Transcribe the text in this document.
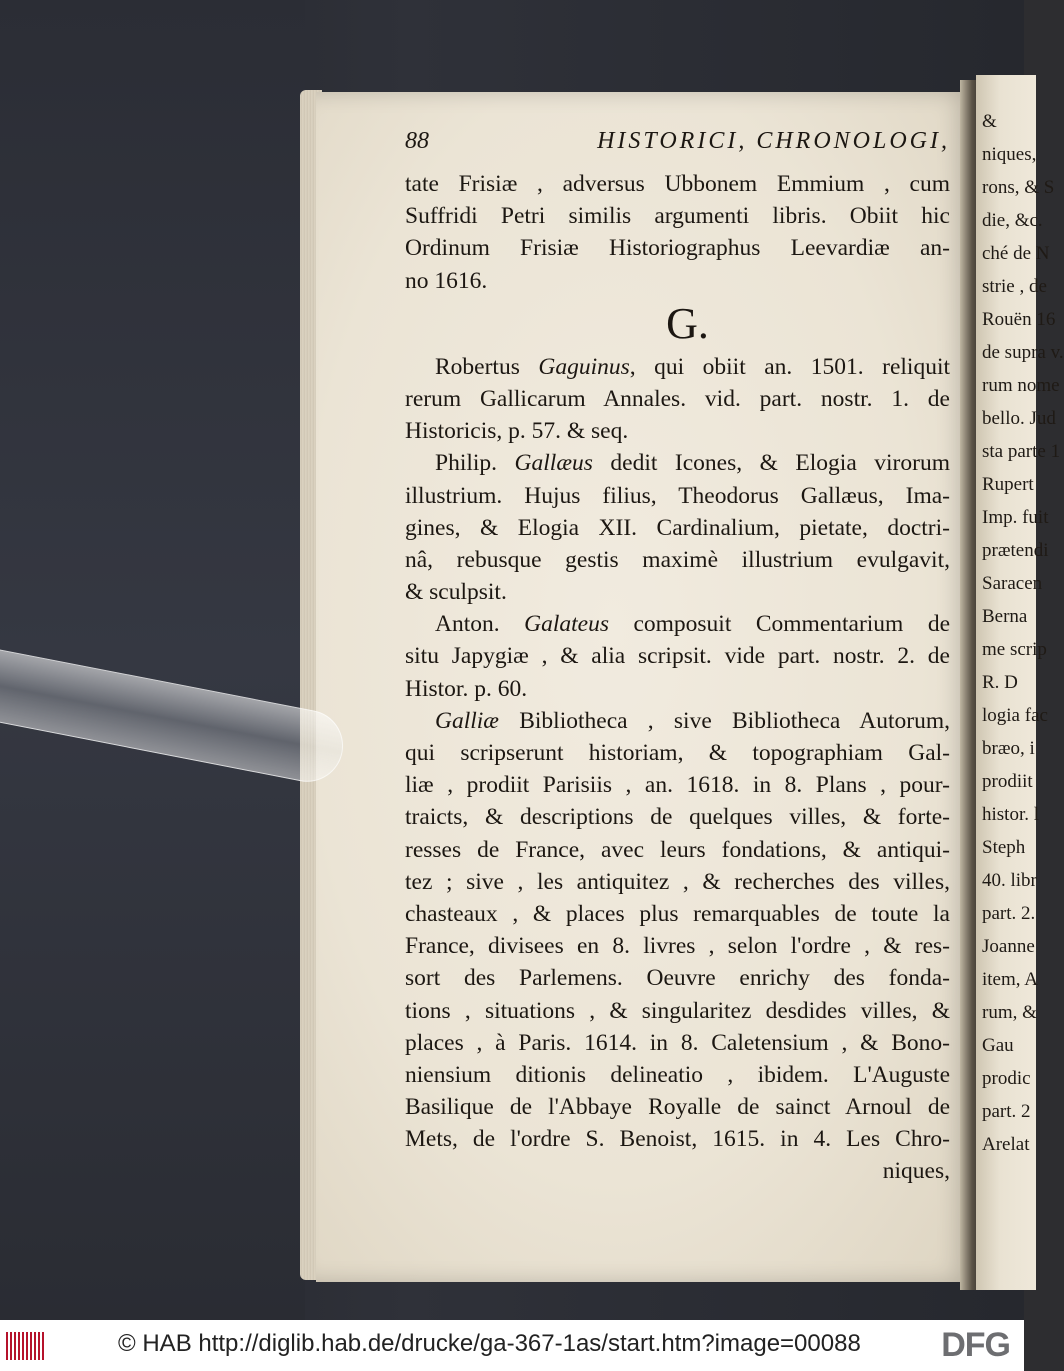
&
niques,
rons, & S
die, &c.
ché de N
strie , de
Rouën 16
de supra v.
rum nome
bello. Jud
sta parte 1
Rupert
Imp. fuit
prætendi
Saracen
Berna
me scrip
R. D
logia fac
bræo, i
prodiit
histor. l
Steph
40. libr
part. 2.
Joanne
item, A
rum, &
Gau
prodic
part. 2
Arelat
88	HISTORICI, CHRONOLOGI,
tate Frisiæ , adversus Ubbonem Emmium , cum
Suffridi Petri similis argumenti libris. Obiit hic
Ordinum Frisiæ Historiographus Leevardiæ an-
no 1616.
G.
Robertus Gaguinus, qui obiit an. 1501. reliquit
rerum Gallicarum Annales. vid. part. nostr. 1. de
Historicis, p. 57. & seq.
Philip. Gallæus dedit Icones, & Elogia virorum
illustrium. Hujus filius, Theodorus Gallæus, Ima-
gines, & Elogia XII. Cardinalium, pietate, doctri-
nâ, rebusque gestis maximè illustrium evulgavit,
& sculpsit.
Anton. Galateus composuit Commentarium de
situ Japygiæ , & alia scripsit. vide part. nostr. 2. de
Histor. p. 60.
Galliæ Bibliotheca , sive Bibliotheca Autorum,
qui scripserunt historiam, & topographiam Gal-
liæ , prodiit Parisiis , an. 1618. in 8. Plans , pour-
traicts, & descriptions de quelques villes, & forte-
resses de France, avec leurs fondations, & antiqui-
tez ; sive , les antiquitez , & recherches des villes,
chasteaux , & places plus remarquables de toute la
France, divisees en 8. livres , selon l'ordre , & res-
sort des Parlemens. Oeuvre enrichy des fonda-
tions , situations , & singularitez desdides villes, &
places , à Paris. 1614. in 8. Caletensium , & Bono-
niensium ditionis delineatio , ibidem. L'Auguste
Basilique de l'Abbaye Royalle de sainct Arnoul de
Mets, de l'ordre S. Benoist, 1615. in 4. Les Chro-
niques,
© HAB http://diglib.hab.de/drucke/ga-367-1as/start.htm?image=00088 DFG
